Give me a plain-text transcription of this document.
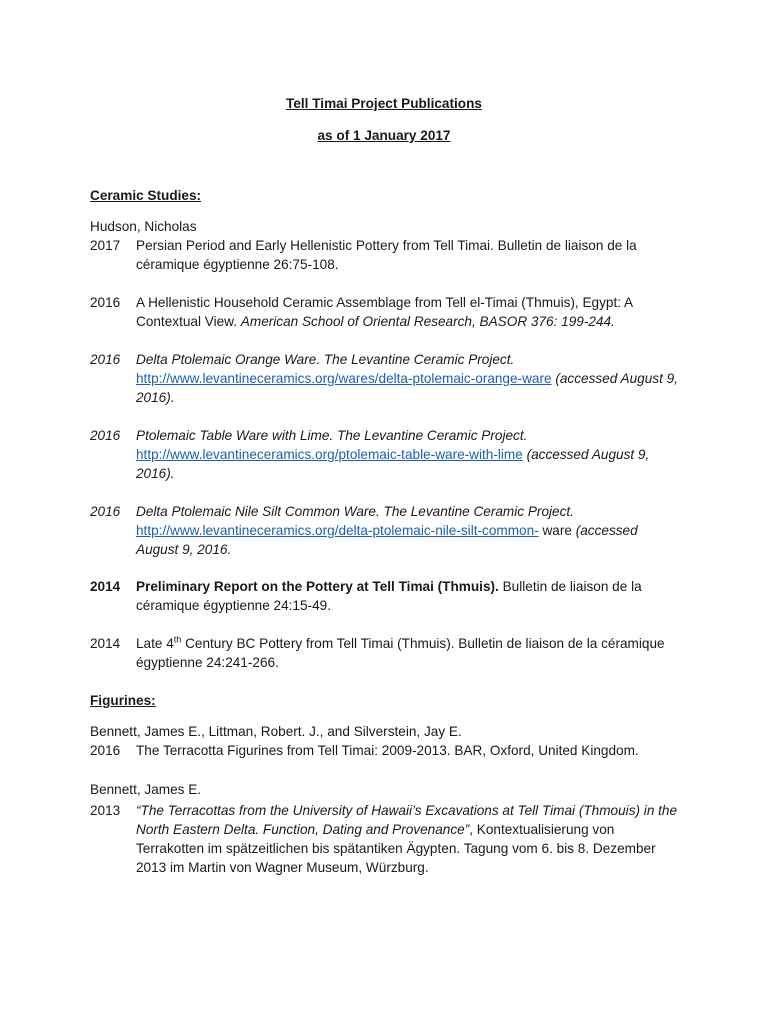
Tell Timai Project Publications
as of 1 January 2017
Ceramic Studies:
Hudson, Nicholas
2017	Persian Period and Early Hellenistic Pottery from Tell Timai. Bulletin de liaison de la céramique égyptienne 26:75-108.
2016	A Hellenistic Household Ceramic Assemblage from Tell el-Timai (Thmuis), Egypt: A Contextual View. American School of Oriental Research, BASOR 376: 199-244.
2016	Delta Ptolemaic Orange Ware. The Levantine Ceramic Project.
http://www.levantineceramics.org/wares/delta-ptolemaic-orange-ware (accessed August 9, 2016).
2016	Ptolemaic Table Ware with Lime. The Levantine Ceramic Project.
http://www.levantineceramics.org/ptolemaic-table-ware-with-lime (accessed August 9, 2016).
2016	Delta Ptolemaic Nile Silt Common Ware. The Levantine Ceramic Project.
http://www.levantineceramics.org/delta-ptolemaic-nile-silt-common- ware (accessed August 9, 2016.
2014	Preliminary Report on the Pottery at Tell Timai (Thmuis). Bulletin de liaison de la céramique égyptienne 24:15-49.
2014	Late 4th Century BC Pottery from Tell Timai (Thmuis). Bulletin de liaison de la céramique égyptienne 24:241-266.
Figurines:
Bennett, James E., Littman, Robert. J., and Silverstein, Jay E.
2016	The Terracotta Figurines from Tell Timai: 2009-2013. BAR, Oxford, United Kingdom.
Bennett, James E.
2013	“The Terracottas from the University of Hawaii’s Excavations at Tell Timai (Thmouis) in the North Eastern Delta. Function, Dating and Provenance”, Kontextualisierung von Terrakotten im spätzeitlichen bis spätantiken Ägypten. Tagung vom 6. bis 8. Dezember 2013 im Martin von Wagner Museum, Würzburg.
